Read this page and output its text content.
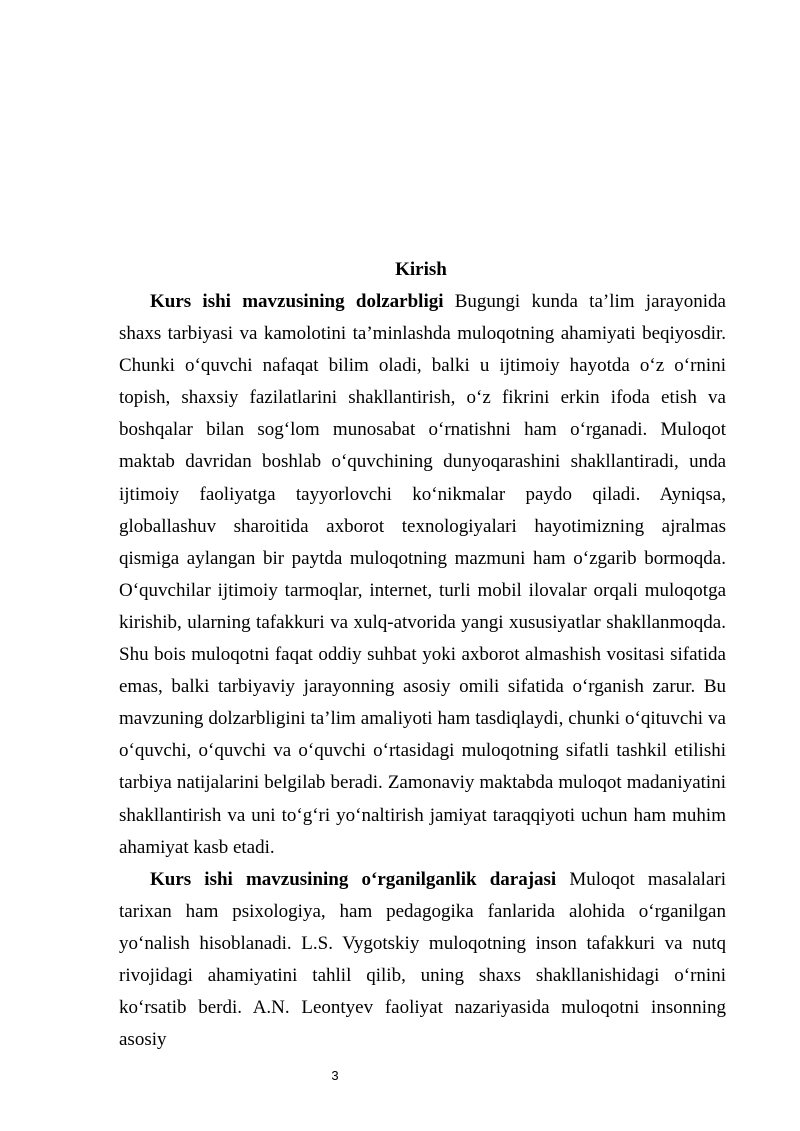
Kirish

Kurs ishi mavzusining dolzarbligi Bugungi kunda ta’lim jarayonida shaxs tarbiyasi va kamolotini ta’minlashda muloqotning ahamiyati beqiyosdir. Chunki o‘quvchi nafaqat bilim oladi, balki u ijtimoiy hayotda o‘z o‘rnini topish, shaxsiy fazilatlarini shakllantirish, o‘z fikrini erkin ifoda etish va boshqalar bilan sog‘lom munosabat o‘rnatishni ham o‘rganadi. Muloqot maktab davridan boshlab o‘quvchining dunyoqarashini shakllantiradi, unda ijtimoiy faoliyatga tayyorlovchi ko‘nikmalar paydo qiladi. Ayniqsa, globallashuv sharoitida axborot texnologiyalari hayotimizning ajralmas qismiga aylangan bir paytda muloqotning mazmuni ham o‘zgarib bormoqda. O‘quvchilar ijtimoiy tarmoqlar, internet, turli mobil ilovalar orqali muloqotga kirishib, ularning tafakkuri va xulq-atvorida yangi xususiyatlar shakllanmoqda. Shu bois muloqotni faqat oddiy suhbat yoki axborot almashish vositasi sifatida emas, balki tarbiyaviy jarayonning asosiy omili sifatida o‘rganish zarur. Bu mavzuning dolzarbligini ta’lim amaliyoti ham tasdiqlaydi, chunki o‘qituvchi va o‘quvchi, o‘quvchi va o‘quvchi o‘rtasidagi muloqotning sifatli tashkil etilishi tarbiya natijalarini belgilab beradi. Zamonaviy maktabda muloqot madaniyatini shakllantirish va uni to‘g‘ri yo‘naltirish jamiyat taraqqiyoti uchun ham muhim ahamiyat kasb etadi.

Kurs ishi mavzusining o‘rganilganlik darajasi Muloqot masalalari tarixan ham psixologiya, ham pedagogika fanlarida alohida o‘rganilgan yo‘nalish hisoblanadi. L.S. Vygotskiy muloqotning inson tafakkuri va nutq rivojidagi ahamiyatini tahlil qilib, uning shaxs shakllanishidagi o‘rnini ko‘rsatib berdi. A.N. Leontyev faoliyat nazariyasida muloqotni insonning asosiy

3
